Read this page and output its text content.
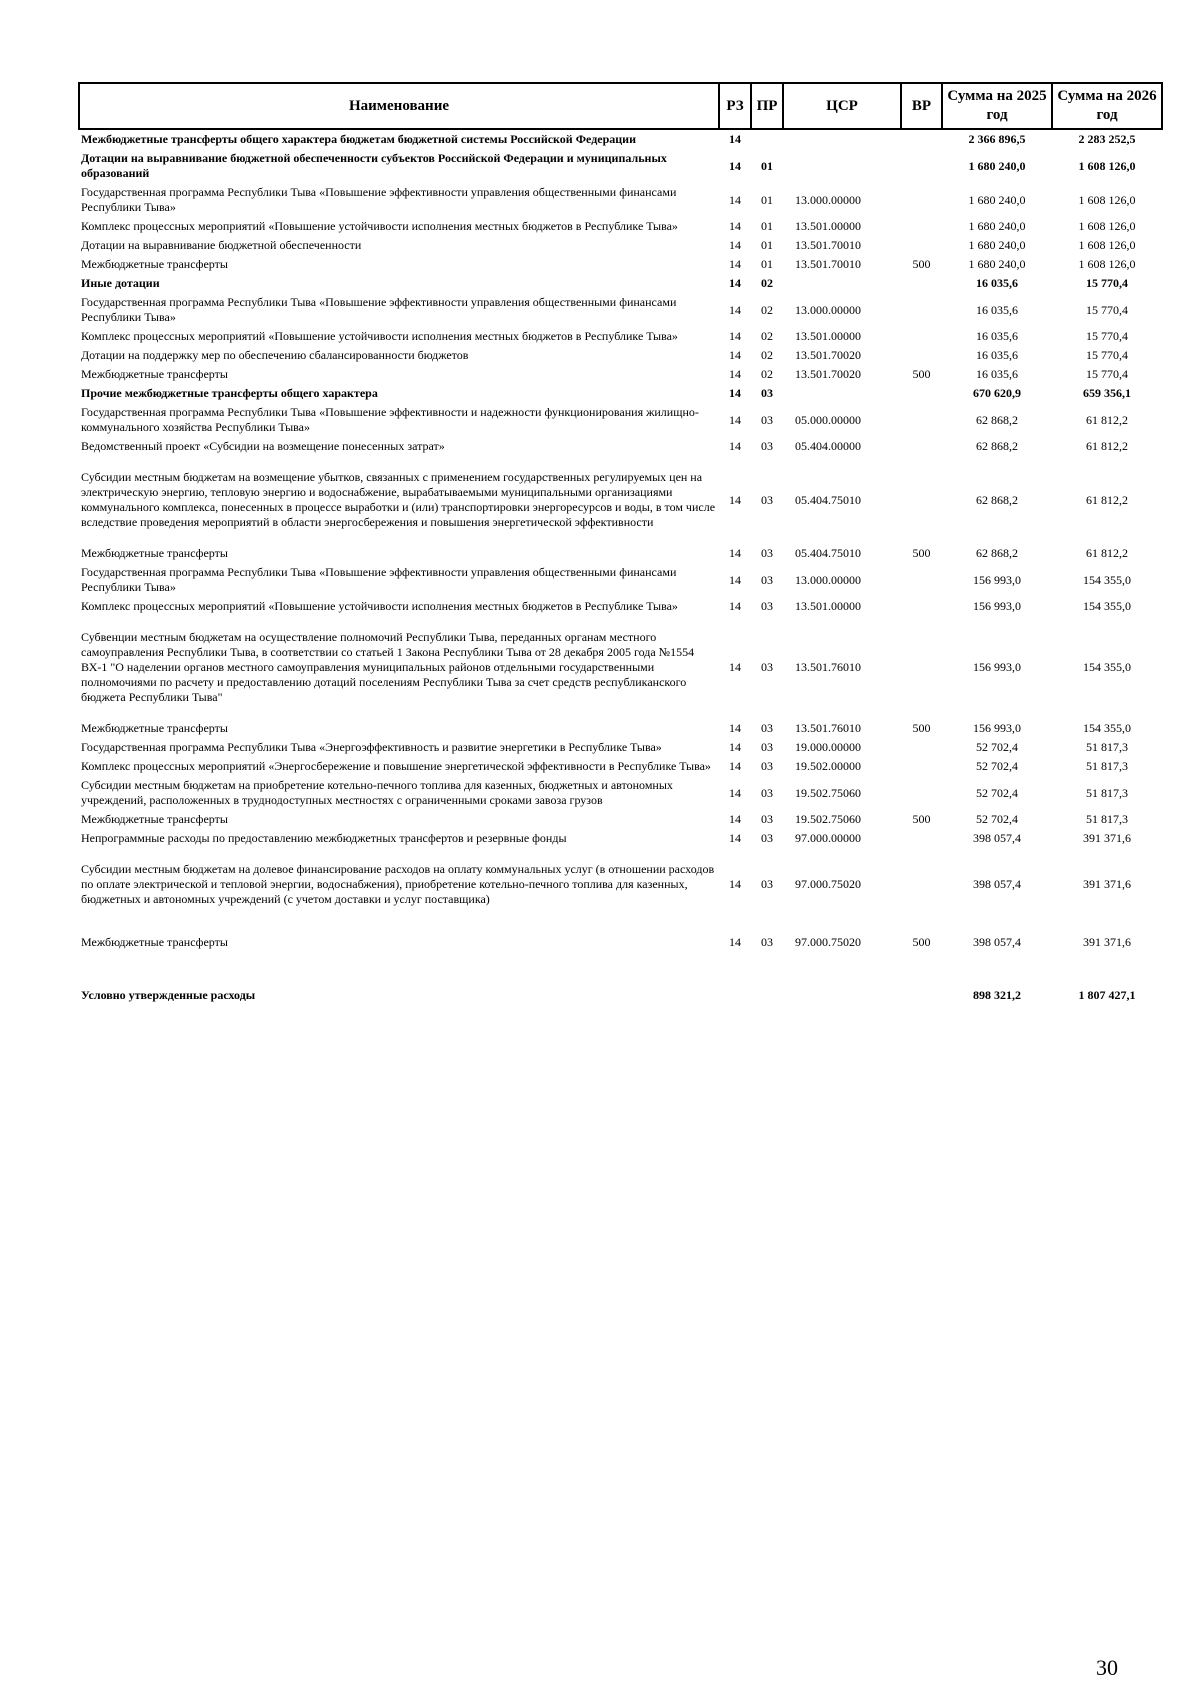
Наименование	РЗ	ПР	ЦСР	ВР	Сумма на 2025 год	Сумма на 2026 год
Межбюджетные трансферты общего характера бюджетам бюджетной системы Российской Федерации	14				2 366 896,5	2 283 252,5
Дотации на выравнивание бюджетной обеспеченности субъектов Российской Федерации и муниципальных образований	14	01			1 680 240,0	1 608 126,0
Государственная программа Республики Тыва «Повышение эффективности управления общественными финансами Республики Тыва»	14	01	13.000.00000		1 680 240,0	1 608 126,0
Комплекс процессных мероприятий «Повышение устойчивости исполнения местных бюджетов в Республике Тыва»	14	01	13.501.00000		1 680 240,0	1 608 126,0
Дотации на выравнивание бюджетной обеспеченности	14	01	13.501.70010		1 680 240,0	1 608 126,0
Межбюджетные трансферты	14	01	13.501.70010	500	1 680 240,0	1 608 126,0
Иные дотации	14	02			16 035,6	15 770,4
Государственная программа Республики Тыва «Повышение эффективности управления общественными финансами Республики Тыва»	14	02	13.000.00000		16 035,6	15 770,4
Комплекс процессных мероприятий «Повышение устойчивости исполнения местных бюджетов в Республике Тыва»	14	02	13.501.00000		16 035,6	15 770,4
Дотации на поддержку мер по обеспечению сбалансированности бюджетов	14	02	13.501.70020		16 035,6	15 770,4
Межбюджетные трансферты	14	02	13.501.70020	500	16 035,6	15 770,4
Прочие межбюджетные трансферты общего характера	14	03			670 620,9	659 356,1
Государственная программа Республики Тыва «Повышение эффективности и надежности функционирования жилищно-коммунального хозяйства Республики Тыва»	14	03	05.000.00000		62 868,2	61 812,2
Ведомственный проект «Субсидии на возмещение понесенных затрат»	14	03	05.404.00000		62 868,2	61 812,2
Субсидии местным бюджетам на возмещение убытков, связанных с применением государственных регулируемых цен на электрическую энергию, тепловую энергию и водоснабжение, вырабатываемыми муниципальными организациями коммунального комплекса, понесенных в процессе выработки и (или) транспортировки энергоресурсов и воды, в том числе вследствие проведения мероприятий в области энергосбережения и повышения энергетической эффективности	14	03	05.404.75010		62 868,2	61 812,2
Межбюджетные трансферты	14	03	05.404.75010	500	62 868,2	61 812,2
Государственная программа Республики Тыва «Повышение эффективности управления общественными финансами Республики Тыва»	14	03	13.000.00000		156 993,0	154 355,0
Комплекс процессных мероприятий «Повышение устойчивости исполнения местных бюджетов в Республике Тыва»	14	03	13.501.00000		156 993,0	154 355,0
Субвенции местным бюджетам на осуществление полномочий Республики Тыва, переданных органам местного самоуправления Республики Тыва, в соответствии со статьей 1 Закона Республики Тыва от 28 декабря 2005 года №1554 ВХ-1 "О наделении органов местного самоуправления муниципальных районов отдельными государственными полномочиями по расчету и предоставлению дотаций поселениям Республики Тыва за счет средств республиканского бюджета Республики Тыва"	14	03	13.501.76010		156 993,0	154 355,0
Межбюджетные трансферты	14	03	13.501.76010	500	156 993,0	154 355,0
Государственная программа Республики Тыва «Энергоэффективность и развитие энергетики в Республике Тыва»	14	03	19.000.00000		52 702,4	51 817,3
Комплекс процессных мероприятий «Энергосбережение и повышение энергетической эффективности в Республике Тыва»	14	03	19.502.00000		52 702,4	51 817,3
Субсидии местным бюджетам на приобретение котельно-печного топлива для казенных, бюджетных и автономных учреждений, расположенных в труднодоступных местностях с ограниченными сроками завоза грузов	14	03	19.502.75060		52 702,4	51 817,3
Межбюджетные трансферты	14	03	19.502.75060	500	52 702,4	51 817,3
Непрограммные расходы по предоставлению межбюджетных трансфертов и резервные фонды	14	03	97.000.00000		398 057,4	391 371,6
Субсидии местным бюджетам на долевое финансирование расходов на оплату коммунальных услуг (в отношении расходов по оплате электрической и тепловой энергии, водоснабжения), приобретение котельно-печного топлива для казенных, бюджетных и автономных учреждений (с учетом доставки и услуг поставщика)	14	03	97.000.75020		398 057,4	391 371,6
Межбюджетные трансферты	14	03	97.000.75020	500	398 057,4	391 371,6
Условно утвержденные расходы					898 321,2	1 807 427,1
30
